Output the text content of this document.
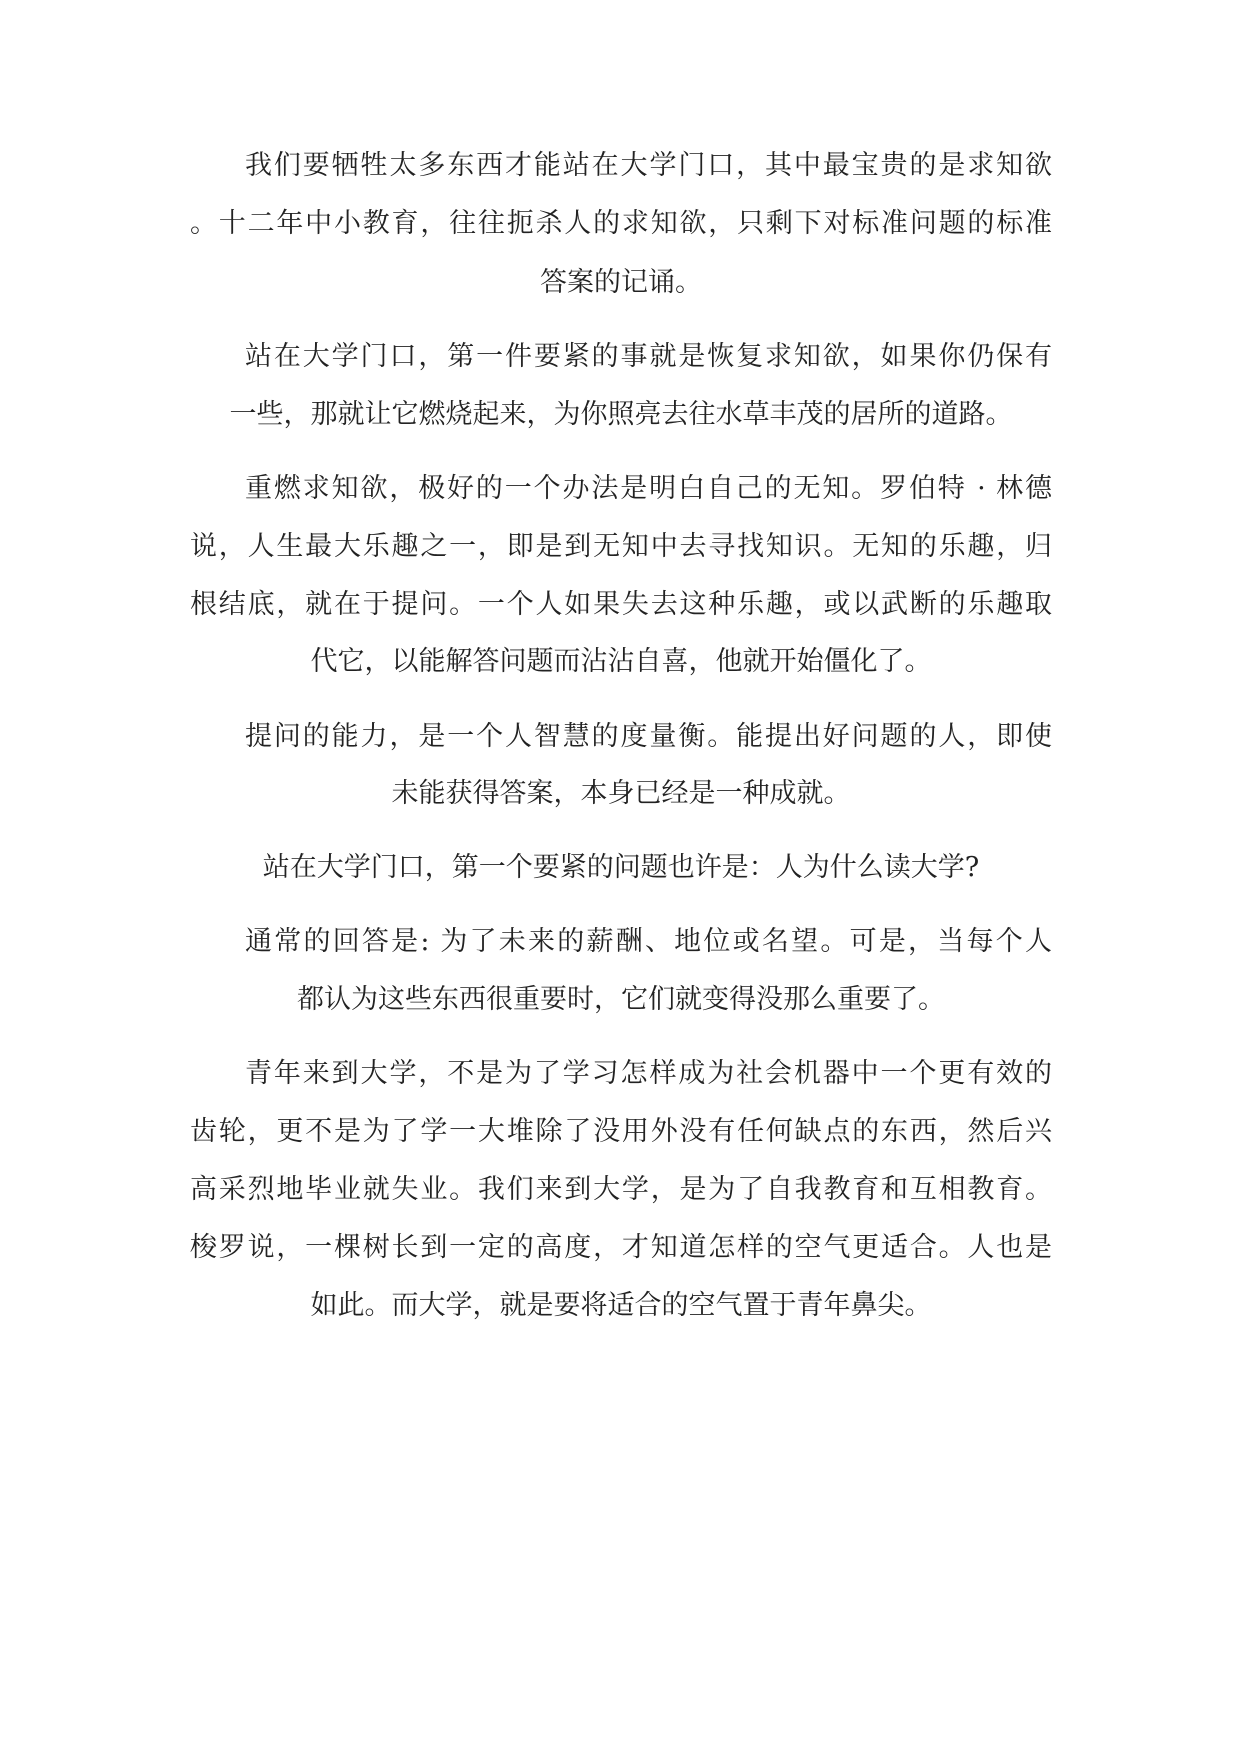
我们要牺牲太多东西才能站在大学门口，其中最宝贵的是求知欲
。十二年中小教育，往往扼杀人的求知欲，只剩下对标准问题的标准
答案的记诵。
站在大学门口，第一件要紧的事就是恢复求知欲，如果你仍保有
一些，那就让它燃烧起来，为你照亮去往水草丰茂的居所的道路。
重燃求知欲，极好的一个办法是明白自己的无知。罗伯特 · 林德
说，人生最大乐趣之一，即是到无知中去寻找知识。无知的乐趣，归
根结底，就在于提问。一个人如果失去这种乐趣，或以武断的乐趣取
代它，以能解答问题而沾沾自喜，他就开始僵化了。
提问的能力，是一个人智慧的度量衡。能提出好问题的人，即使
未能获得答案，本身已经是一种成就。
站在大学门口，第一个要紧的问题也许是：人为什么读大学?
通常的回答是: 为了未来的薪酬、地位或名望。可是，当每个人
都认为这些东西很重要时，它们就变得没那么重要了。
青年来到大学，不是为了学习怎样成为社会机器中一个更有效的
齿轮，更不是为了学一大堆除了没用外没有任何缺点的东西，然后兴
高采烈地毕业就失业。我们来到大学，是为了自我教育和互相教育。
梭罗说，一棵树长到一定的高度，才知道怎样的空气更适合。人也是
如此。而大学，就是要将适合的空气置于青年鼻尖。
